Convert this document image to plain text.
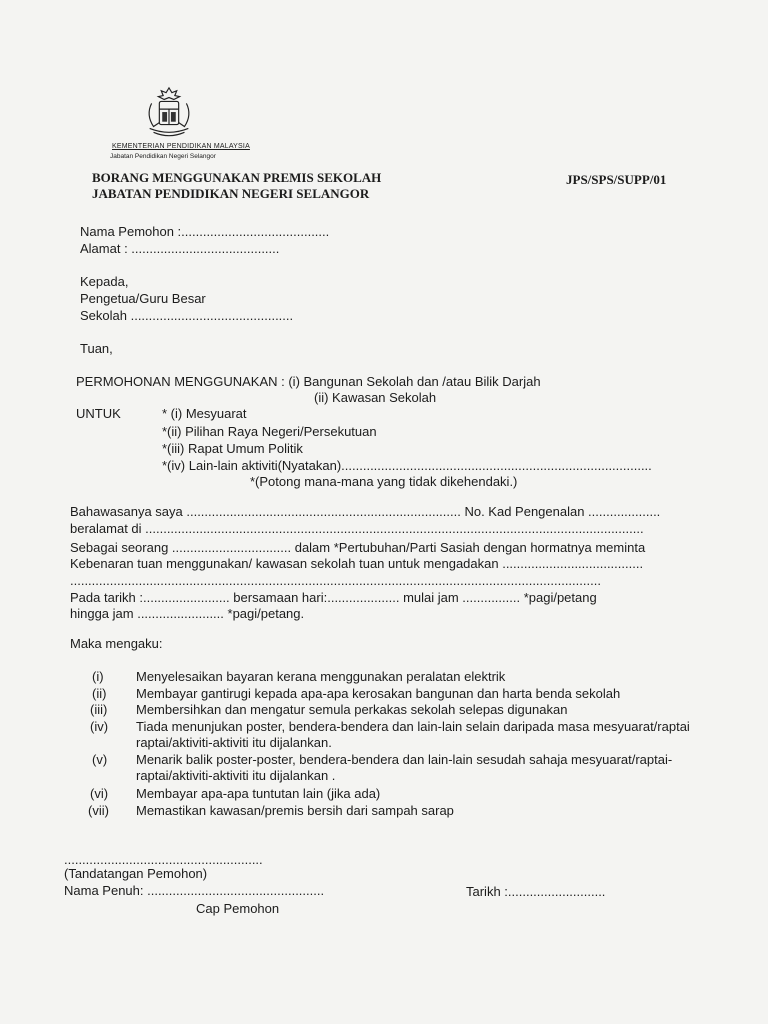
KEMENTERIAN PENDIDIKAN MALAYSIA
Jabatan Pendidikan Negeri Selangor
BORANG MENGGUNAKAN PREMIS SEKOLAH
JABATAN PENDIDIKAN NEGERI SELANGOR
JPS/SPS/SUPP/01
Nama Pemohon :.........................................
Alamat : .........................................
Kepada,
Pengetua/Guru Besar
Sekolah .............................................
Tuan,
PERMOHONAN MENGGUNAKAN : (i) Bangunan Sekolah dan /atau Bilik Darjah
(ii) Kawasan Sekolah
UNTUK	* (i) Mesyuarat
*(ii) Pilihan Raya Negeri/Persekutuan
*(iii) Rapat Umum Politik
*(iv) Lain-lain aktiviti(Nyatakan)......................................................................................
*(Potong mana-mana yang tidak dikehendaki.)
Bahawasanya saya ............................................................................ No. Kad Pengenalan ....................
beralamat di ..........................................................................................................................................
Sebagai seorang ................................. dalam *Pertubuhan/Parti Sasiah dengan hormatnya meminta
Kebenaran tuan menggunakan/ kawasan sekolah tuan untuk mengadakan .......................................
...................................................................................................................................................
Pada tarikh :........................ bersamaan hari:.................... mulai jam ................ *pagi/petang
hingga jam ........................ *pagi/petang.
Maka mengaku:
(i) Menyelesaikan bayaran kerana menggunakan peralatan elektrik
(ii) Membayar gantirugi kepada apa-apa kerosakan bangunan dan harta benda sekolah
(iii) Membersihkan dan mengatur semula perkakas sekolah selepas digunakan
(iv) Tiada menunjukan poster, bendera-bendera dan lain-lain selain daripada masa mesyuarat/raptai
raptai/aktiviti-aktiviti itu dijalankan.
(v) Menarik balik poster-poster, bendera-bendera dan lain-lain sesudah sahaja mesyuarat/raptai-
raptai/aktiviti-aktiviti itu dijalankan .
(vi) Membayar apa-apa tuntutan lain (jika ada)
(vii) Memastikan kawasan/premis bersih dari sampah sarap
.......................................................
(Tandatangan Pemohon)
Nama Penuh: .................................................	Tarikh :...........................
Cap Pemohon
